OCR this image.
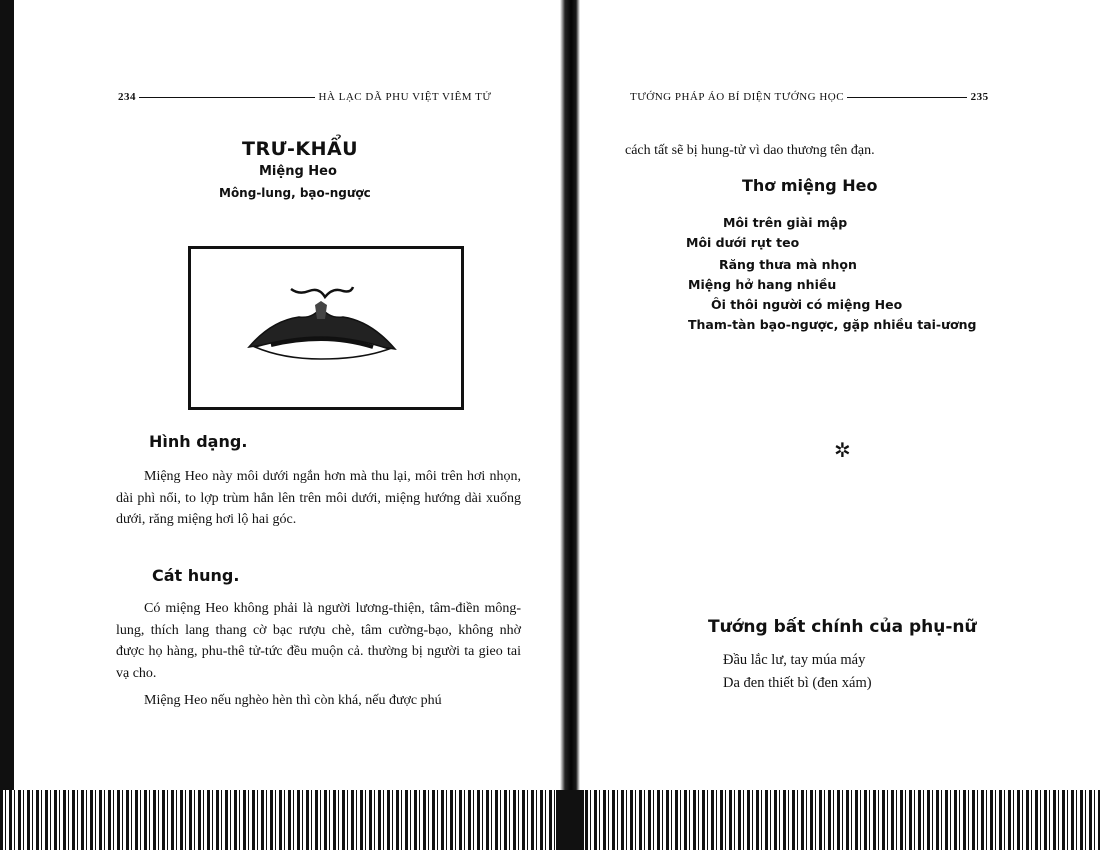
234	HÀ LẠC DÃ PHU VIỆT VIÊM TỬ
TRƯ-KHẨU
Miệng Heo
Mông-lung, bạo-ngược
Hình dạng.
Miệng Heo này môi dưới ngắn hơn mà thu lại, môi trên hơi nhọn, dài phì nổi, to lợp trùm hẳn lên trên môi dưới, miệng hướng dài xuống dưới, răng miệng hơi lộ hai góc.
Cát hung.
Có miệng Heo không phải là người lương-thiện, tâm-điền mông-lung, thích lang thang cờ bạc rượu chè, tâm cường-bạo, không nhờ được họ hàng, phu-thê tử-tức đều muộn cả. thường bị người ta gieo tai vạ cho.
Miệng Heo nếu nghèo hèn thì còn khá, nếu được phú
TƯỚNG PHÁP ÁO BÍ DIỆN TƯỚNG HỌC	235
cách tất sẽ bị hung-tử vì dao thương tên đạn.
Thơ miệng Heo
Môi trên giài mập
Môi dưới rụt teo
Răng thưa mà nhọn
Miệng hở hang nhiều
Ôi thôi người có miệng Heo
Tham-tàn bạo-ngược, gặp nhiều tai-ương
✲
Tướng bất chính của phụ-nữ
Đầu lắc lư, tay múa máy
Da đen thiết bì (đen xám)
